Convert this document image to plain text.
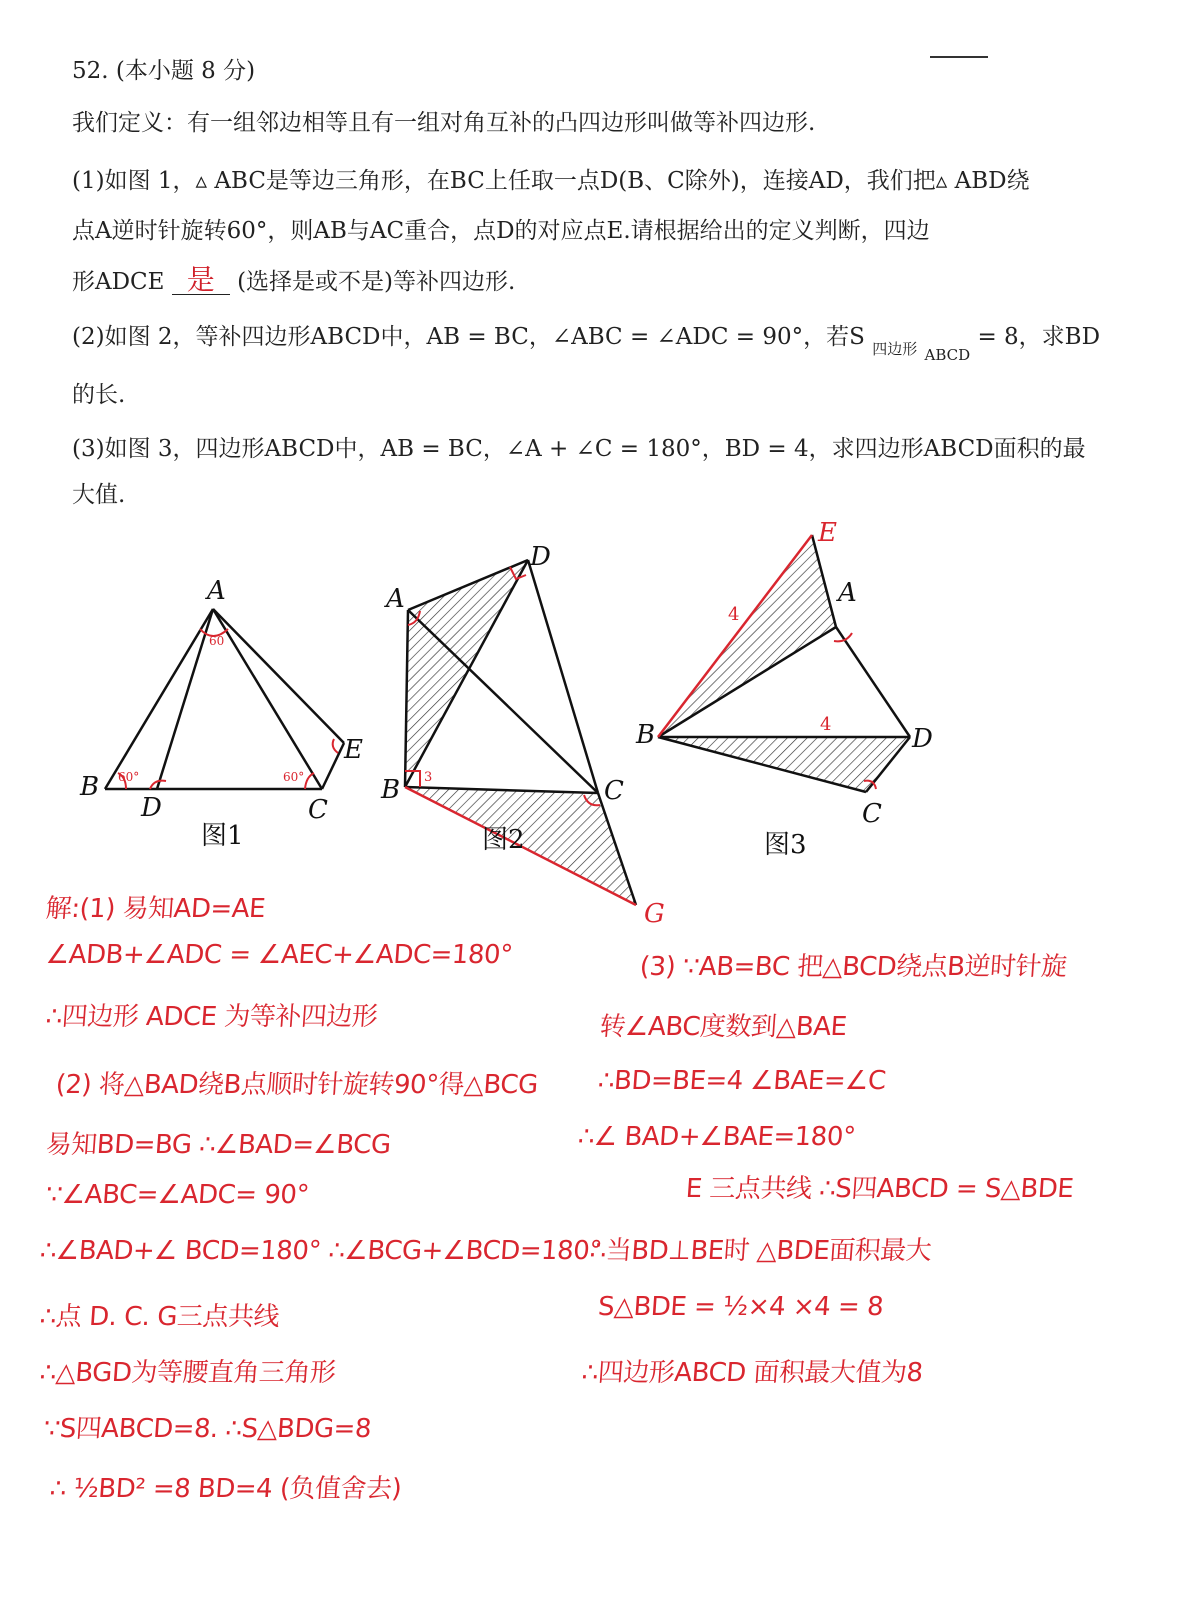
52. (本小题 8 分)
我们定义：有一组邻边相等且有一组对角互补的凸四边形叫做等补四边形.
(1)如图 1，▵ ABC是等边三角形，在BC上任取一点D(B、C除外)，连接AD，我们把▵ ABD绕
点A逆时针旋转60°，则AB与AC重合，点D的对应点E.请根据给出的定义判断，四边
形ADCE 是 (选择是或不是)等补四边形.
(2)如图 2，等补四边形ABCD中，AB = BC，∠ABC = ∠ADC = 90°，若S $_{四边形}$ $_{ABCD}$ = 8，求BD
的长.
(3)如图 3，四边形ABCD中，AB = BC，∠A + ∠C = 180°，BD = 4，求四边形ABCD面积的最
大值.
A
B
D	C
E
图1
60
60°	60°
A
D
B	C
G
图2
3
E
A
B	D
C
图3
4
4
解:(1) 易知AD=AE
∠ADB+∠ADC = ∠AEC+∠ADC=180°
∴四边形 ADCE 为等补四边形
(2) 将△BAD绕B点顺时针旋转90°得△BCG
易知BD=BG ∴∠BAD=∠BCG
∵∠ABC=∠ADC= 90°
∴∠BAD+∠ BCD=180° ∴∠BCG+∠BCD=180°
∴点 D. C. G三点共线
∴△BGD为等腰直角三角形
∵S四ABCD=8. ∴S△BDG=8
∴ ½BD² =8 BD=4 (负值舍去)
(3) ∵AB=BC 把△BCD绕点B逆时针旋
转∠ABC度数到△BAE
∴BD=BE=4 ∠BAE=∠C
∴∠ BAD+∠BAE=180°
E 三点共线 ∴S四ABCD = S△BDE
∴当BD⊥BE时 △BDE面积最大
S△BDE = ½×4 ×4 = 8
∴四边形ABCD 面积最大值为8
